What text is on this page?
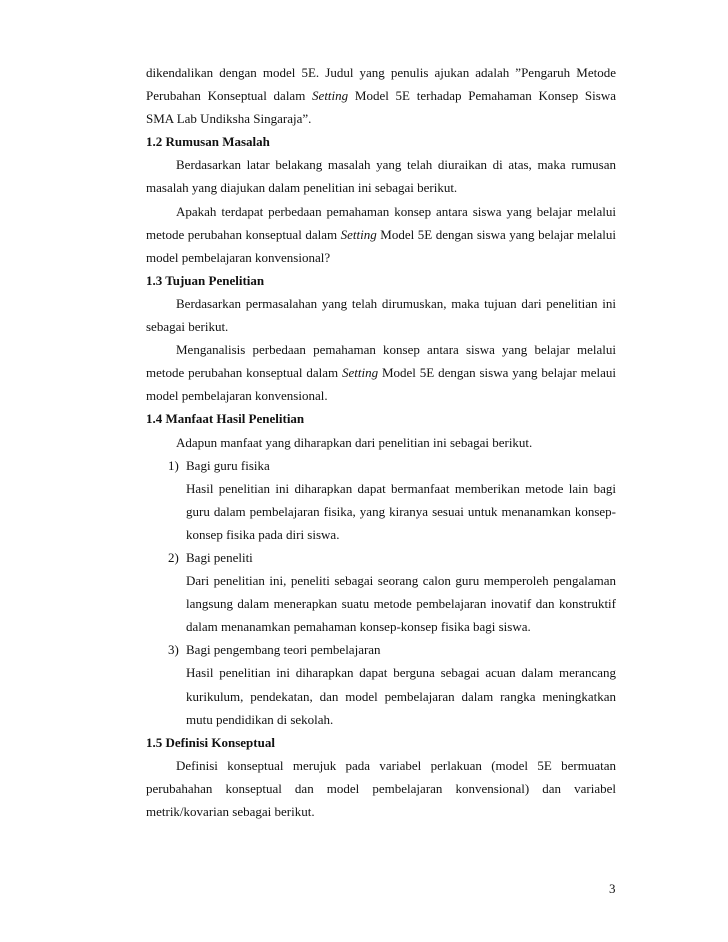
dikendalikan dengan model 5E. Judul yang penulis ajukan adalah ”Pengaruh Metode Perubahan Konseptual dalam Setting Model 5E terhadap Pemahaman Konsep Siswa SMA Lab Undiksha Singaraja”.

1.2 Rumusan Masalah

Berdasarkan latar belakang masalah yang telah diuraikan di atas, maka rumusan masalah yang diajukan dalam penelitian ini sebagai berikut.

Apakah terdapat perbedaan pemahaman konsep antara siswa yang belajar melalui metode perubahan konseptual dalam Setting Model 5E dengan siswa yang belajar melalui model pembelajaran konvensional?

1.3 Tujuan Penelitian

Berdasarkan permasalahan yang telah dirumuskan, maka tujuan dari penelitian ini sebagai berikut.

Menganalisis perbedaan pemahaman konsep antara siswa yang belajar melalui metode perubahan konseptual dalam Setting Model 5E dengan siswa yang belajar melaui model pembelajaran konvensional.

1.4 Manfaat Hasil Penelitian

Adapun manfaat yang diharapkan dari penelitian ini sebagai berikut.

1) Bagi guru fisika
Hasil penelitian ini diharapkan dapat bermanfaat memberikan metode lain bagi guru dalam pembelajaran fisika, yang kiranya sesuai untuk menanamkan konsep-konsep fisika pada diri siswa.
2) Bagi peneliti
Dari penelitian ini, peneliti sebagai seorang calon guru memperoleh pengalaman langsung dalam menerapkan suatu metode pembelajaran inovatif dan konstruktif dalam menanamkan pemahaman konsep-konsep fisika bagi siswa.
3) Bagi pengembang teori pembelajaran
Hasil penelitian ini diharapkan dapat berguna sebagai acuan dalam merancang kurikulum, pendekatan, dan model pembelajaran dalam rangka meningkatkan mutu pendidikan di sekolah.
1.5 Definisi Konseptual

Definisi konseptual merujuk pada variabel perlakuan (model 5E bermuatan perubahahan konseptual dan model pembelajaran konvensional) dan variabel metrik/kovarian sebagai berikut.

3
